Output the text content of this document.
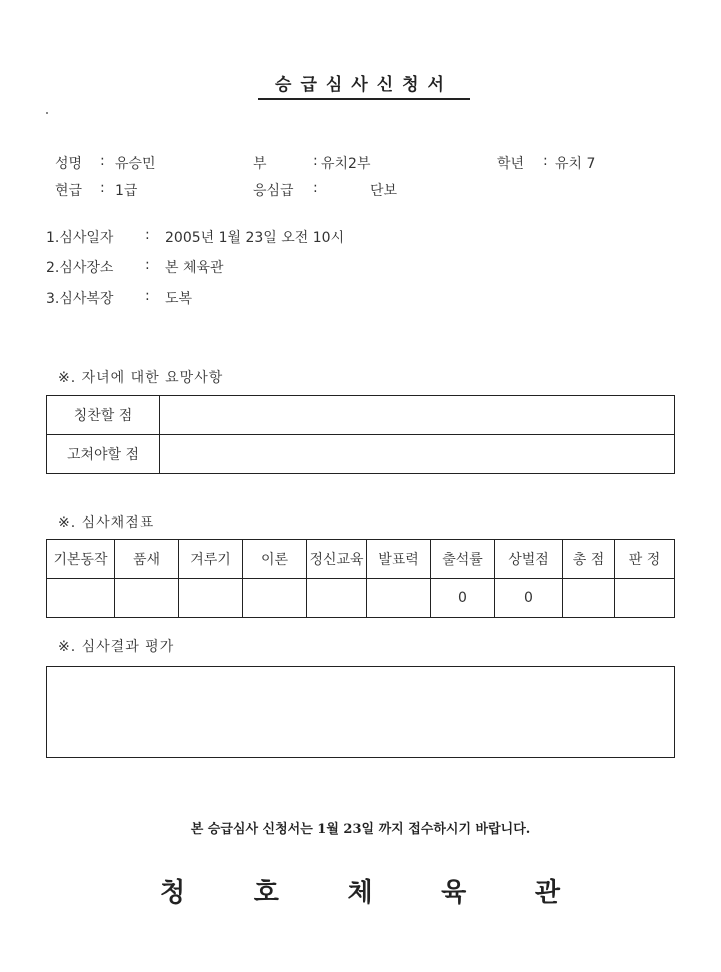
승급심사신청서
성명 : 유승민	부	: 유치2부	학년 : 유치 7
현급 : 1급	응심급 :	단보
1.심사일자 : 2005년 1월 23일 오전 10시
2.심사장소 : 본 체육관
3.심사복장 : 도복
※. 자녀에 대한 요망사항
칭찬할 점	
고쳐야할 점	
※. 심사채점표
기본동작	품새	겨루기	이론	정신교육	발표력	출석률	상벌점	총 점	판 정
						0	0		
※. 심사결과 평가
본 승급심사 신청서는 1월 23일 까지 접수하시기 바랍니다.
청	호	체	육	관
